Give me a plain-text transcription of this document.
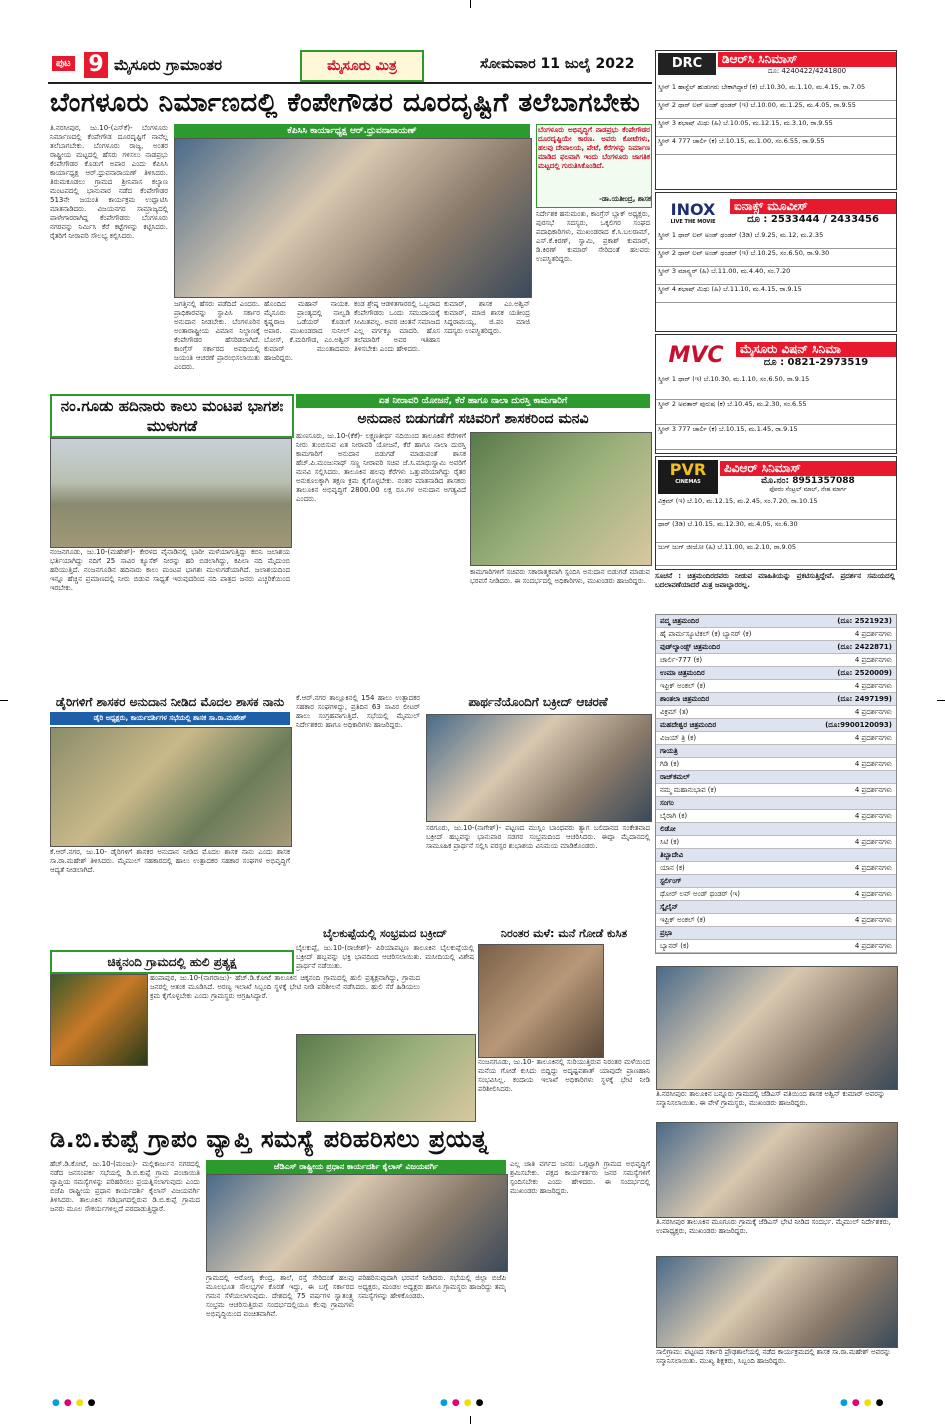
ಪುಟ 9 ಮೈಸೂರು ಗ್ರಾಮಾಂತರ	ಮೈಸೂರು ಮಿತ್ರ	ಸೋಮವಾರ 11 ಜುಲೈ 2022
ಬೆಂಗಳೂರು ನಿರ್ಮಾಣದಲ್ಲಿ ಕೆಂಪೇಗೌಡರ ದೂರದೃಷ್ಟಿಗೆ ತಲೆಬಾಗಬೇಕು
ತಿ.ನರಸೀಪುರ, ಜು.10-(ಎಸ್‌ಕೆ)- ಬೆಂಗಳೂರು ನಿರ್ಮಾಣದಲ್ಲಿ ಕೆಂಪೇಗೌಡ ದೂರದೃಷ್ಟಿಗೆ ನಾವೆಲ್ಲ ತಲೆಬಾಗಬೇಕು. ಬೆಂಗಳೂರು ರಾಜ್ಯ, ಅಂತರ ರಾಷ್ಟ್ರೀಯ ಮಟ್ಟದಲ್ಲಿ ಹೆಸರು ಗಳಿಸಲು ನಾಡಪ್ರಭು ಕೆಂಪೇಗೌಡರ ಕೊಡುಗೆ ಅಪಾರ ಎಂದು ಕೆಪಿಸಿಸಿ ಕಾರ್ಯಾಧ್ಯಕ್ಷ ಆರ್.ಧ್ರುವನಾರಾಯಣ್ ತಿಳಿಸಿದರು. ತಿರುಮಕೂಡಲು ಗ್ರಾಮದ ಶ್ರೀನಿವಾಸ ಕಲ್ಯಾಣ ಮಂಟಪದಲ್ಲಿ ಭಾನುವಾರ ನಡೆದ ಕೆಂಪೇಗೌಡರ 513ನೇ ಜಯಂತಿ ಕಾರ್ಯಕ್ರಮ ಉದ್ಘಾಟಿಸಿ ಮಾತನಾಡಿದರು. ವಿಜಯನಗರ ಸಾಮ್ರಾಜ್ಯದಲ್ಲಿ ಪಾಳೇಗಾರರಾಗಿದ್ದ ಕೆಂಪೇಗೌಡರು ಬೆಂಗಳೂರು ನಗರವನ್ನು ನಿರ್ಮಿಸಿ ಕೆರೆ ಕಟ್ಟೆಗಳನ್ನು ಕಟ್ಟಿಸಿದರು. ರೈತರಿಗೆ ನೀರಾವರಿ ಸೌಲಭ್ಯ ಕಲ್ಪಿಸಿದರು.
ಕೆಪಿಸಿಸಿ ಕಾರ್ಯಾಧ್ಯಕ್ಷ ಆರ್.ಧ್ರುವನಾರಾಯಣ್
ಜಗತ್ತಿನಲ್ಲಿ ಹೆಸರು ಪಡೆದಿದೆ ಎಂದರು. ಪ್ರಾಧಿಕಾರವನ್ನು ಸ್ಥಾಪಿಸಿ ಸರ್ಕಾರ ಅನುದಾನ ನೀಡಬೇಕು. ಬೆಂಗಳೂರಿನ ಅಂತಾರಾಷ್ಟ್ರೀಯ ವಿಮಾನ ನಿಲ್ದಾಣಕ್ಕೆ ಕೆಂಪೇಗೌಡರ ಹೆಸರಿಡಲಾಗಿದೆ. ಕಾಂಗ್ರೆಸ್ ಸರ್ಕಾರದ ಅವಧಿಯಲ್ಲಿ ಜಯಂತಿ ಆಚರಣೆ ಪ್ರಾರಂಭಿಸಲಾಯಿತು ಎಂದರು.
ಹೊಂದಿದ ಮಹಾನ್ ನಾಯಕ. ಮೈಸೂರು ಪ್ರಾಂತ್ಯದಲ್ಲಿ ನಾಲ್ವಡಿ ಕೃಷ್ಣರಾಜ ಒಡೆಯರ್ ಕೊಡುಗೆ ಅಪಾರ. ಮುಖಂಡರಾದ ಸುನೀಲ್ ಬೋಸ್, ಕೆ.ಮರಿಗೌಡ, ಎಂ.ಅಶ್ವಿನ್ ಕುಮಾರ್ ಮುಂತಾದವರು ಹಾಜರಿದ್ದರು.
ಕಂಡ ಶ್ರೇಷ್ಠ ಆಡಳಿತಗಾರರಲ್ಲಿ ಒಬ್ಬರಾದ ಕೆಂಪೇಗೌಡರು ಒಂದು ಸಮುದಾಯಕ್ಕೆ ಸೀಮಿತವಲ್ಲ. ಅವರ ಚಿಂತನೆ ಸಮಾಜದ ಎಲ್ಲ ವರ್ಗಕ್ಕೂ ಮಾದರಿ. ಹೊಸ ತಲೆಮಾರಿಗೆ ಅವರ ಇತಿಹಾಸ ತಿಳಿಸಬೇಕು ಎಂದು ಹೇಳಿದರು.
ಕುಮಾರ್, ಶಾಸಕ ಎಂ.ಅಶ್ವಿನ್ ಕುಮಾರ್, ಮಾಜಿ ಶಾಸಕ ಯತೀಂದ್ರ ಸಿದ್ದರಾಮಯ್ಯ, ಜಿ.ಪಂ ಮಾಜಿ ಸದಸ್ಯರು ಉಪಸ್ಥಿತರಿದ್ದರು.
ಬೆಂಗಳೂರು ಅಭಿವೃದ್ಧಿಗೆ ನಾಡಪ್ರಭು ಕೆಂಪೇಗೌಡರ ದೂರದೃಷ್ಟಿಯೇ ಕಾರಣ. ಅವರು ಕೋಟೆಗಳು, ಹಲವು ದೇವಾಲಯ, ಪೇಟೆ, ಕೆರೆಗಳನ್ನು ನಿರ್ಮಾಣ ಮಾಡಿದ ಫಲವಾಗಿ ಇಂದು ಬೆಂಗಳೂರು ಜಾಗತಿಕ ಮಟ್ಟದಲ್ಲಿ ಗುರುತಿಸಿಕೊಂಡಿದೆ.
-ಡಾ.ಯತೀಂದ್ರ, ಶಾಸಕ
ನಿರ್ದೇಶಕ ಹನುಮಂತು, ಕಾಂಗ್ರೆಸ್ ಬ್ಲಾಕ್ ಅಧ್ಯಕ್ಷರು, ಪುರಸಭೆ ಸದಸ್ಯರು, ಒಕ್ಕಲಿಗರ ಸಂಘದ ಪದಾಧಿಕಾರಿಗಳು, ಮುಖಂಡರಾದ ಕೆ.ಸಿ.ಬಲರಾಮ್, ಎಸ್.ಕೆ.ಕಿರಣ್, ಸ್ವಾಮಿ, ಪ್ರಕಾಶ್ ಕುಮಾರ್, ಡಿ.ಕಿರಣ್ ಕುಮಾರ್ ಸೇರಿದಂತೆ ಹಲವರು ಉಪಸ್ಥಿತರಿದ್ದರು.
ನಂ.ಗೂಡು ಹದಿನಾರು ಕಾಲು ಮಂಟಪ ಭಾಗಶಃ ಮುಳುಗಡೆ
ನಂಜನಗೂಡು, ಜು.10-(ಮಹೇಶ್)- ಕೇರಳದ ವೈನಾಡಿನಲ್ಲಿ ಭಾರೀ ಮಳೆಯಾಗುತ್ತಿದ್ದು ಕಬಿನಿ ಜಲಾಶಯ ಭರ್ತಿಯಾಗಿದ್ದು ನದಿಗೆ 25 ಸಾವಿರ ಕ್ಯೂಸೆಕ್ ನೀರನ್ನು ಹರಿ ಬಿಡಲಾಗಿದ್ದು, ಕಪಿಲಾ ನದಿ ಮೈದುಂಬಿ ಹರಿಯುತ್ತಿದೆ. ನಂಜನಗೂಡಿನ ಹದಿನಾರು ಕಾಲು ಮಂಟಪ ಭಾಗಶಃ ಮುಳುಗಡೆಯಾಗಿದೆ. ಜಲಾಶಯದಿಂದ ಇನ್ನೂ ಹೆಚ್ಚಿನ ಪ್ರಮಾಣದಲ್ಲಿ ನೀರು ಬಿಡುವ ಸಾಧ್ಯತೆ ಇರುವುದರಿಂದ ನದಿ ಪಾತ್ರದ ಜನರು ಎಚ್ಚರಿಕೆಯಿಂದ ಇರಬೇಕು.
ಏತ ನೀರಾವರಿ ಯೋಜನೆ, ಕೆರೆ ಹಾಗೂ ನಾಲಾ ದುರಸ್ತಿ ಕಾಮಗಾರಿಗೆ
ಅನುದಾನ ಬಿಡುಗಡೆಗೆ ಸಚಿವರಿಗೆ ಶಾಸಕರಿಂದ ಮನವಿ
ಹುಣಸೂರು, ಜು.10-(ಕೆಕೆ)- ಲಕ್ಷ್ಮಣತೀರ್ಥ ನದಿಯಿಂದ ತಾಲೂಕಿನ ಕೆರೆಗಳಿಗೆ ನೀರು ತುಂಬಿಸುವ ಏತ ನೀರಾವರಿ ಯೋಜನೆ, ಕೆರೆ ಹಾಗೂ ನಾಲಾ ದುರಸ್ತಿ ಕಾಮಗಾರಿಗೆ ಅನುದಾನ ಬಿಡುಗಡೆ ಮಾಡುವಂತೆ ಶಾಸಕ ಹೆಚ್.ಪಿ.ಮಂಜುನಾಥ್ ಸಣ್ಣ ನೀರಾವರಿ ಸಚಿವ ಜೆ.ಸಿ.ಮಾಧುಸ್ವಾಮಿ ಅವರಿಗೆ ಮನವಿ ಸಲ್ಲಿಸಿದರು. ತಾಲೂಕಿನ ಹಲವು ಕೆರೆಗಳು ಒತ್ತುವರಿಯಾಗಿದ್ದು ರೈತರ ಅನುಕೂಲಕ್ಕಾಗಿ ತಕ್ಷಣ ಕ್ರಮ ಕೈಗೊಳ್ಳಬೇಕು. ನಂತರ ಮಾತನಾಡಿದ ಶಾಸಕರು ತಾಲೂಕಿನ ಅಭಿವೃದ್ಧಿಗೆ 2800.00 ಲಕ್ಷ ರೂ.ಗಳ ಅನುದಾನ ಅಗತ್ಯವಿದೆ ಎಂದರು.
ಕಾಮಗಾರಿಗಳಿಗೆ ಸಚಿವರು ಸಕಾರಾತ್ಮಕವಾಗಿ ಸ್ಪಂದಿಸಿ ಅನುದಾನ ಬಿಡುಗಡೆ ಮಾಡುವ ಭರವಸೆ ನೀಡಿದರು. ಈ ಸಂದರ್ಭದಲ್ಲಿ ಅಧಿಕಾರಿಗಳು, ಮುಖಂಡರು ಹಾಜರಿದ್ದರು.
ಡೈರಿಗಳಿಗೆ ಶಾಸಕರ ಅನುದಾನ ನೀಡಿದ ಮೊದಲ ಶಾಸಕ ನಾನು
ಡೈರಿ ಅಧ್ಯಕ್ಷರು, ಕಾರ್ಯದರ್ಶಿಗಳ ಸಭೆಯಲ್ಲಿ ಶಾಸಕ ಸಾ.ರಾ.ಮಹೇಶ್
ಕೆ.ಆರ್.ನಗರ, ಜು.10- ಡೈರಿಗಳಿಗೆ ಶಾಸಕರ ಅನುದಾನ ನೀಡಿದ ಮೊದಲ ಶಾಸಕ ನಾನು ಎಂದು ಶಾಸಕ ಸಾ.ರಾ.ಮಹೇಶ್ ತಿಳಿಸಿದರು. ಮೈಮುಲ್ ಸಹಕಾರದಲ್ಲಿ ಹಾಲು ಉತ್ಪಾದಕರ ಸಹಕಾರ ಸಂಘಗಳ ಅಭಿವೃದ್ಧಿಗೆ ಆದ್ಯತೆ ನೀಡಲಾಗಿದೆ.
ಕೆ.ಆರ್.ನಗರ ತಾಲ್ಲೂಕಿನಲ್ಲಿ 154 ಹಾಲು ಉತ್ಪಾದಕರ ಸಹಕಾರ ಸಂಘಗಳಿದ್ದು, ಪ್ರತಿದಿನ 63 ಸಾವಿರ ಲೀಟರ್ ಹಾಲು ಸಂಗ್ರಹವಾಗುತ್ತಿದೆ. ಸಭೆಯಲ್ಲಿ ಮೈಮುಲ್ ನಿರ್ದೇಶಕರು ಹಾಗೂ ಅಧಿಕಾರಿಗಳು ಹಾಜರಿದ್ದರು.
ಚಿಕ್ಕನಂದಿ ಗ್ರಾಮದಲ್ಲಿ ಹುಲಿ ಪ್ರತ್ಯಕ್ಷ
ಹಂಪಾಪುರ, ಜು.10-(ನಾಗರಾಜು)- ಹೆಚ್.ಡಿ.ಕೋಟೆ ತಾಲೂಕಿನ ಚಿಕ್ಕನಂದಿ ಗ್ರಾಮದಲ್ಲಿ ಹುಲಿ ಪ್ರತ್ಯಕ್ಷವಾಗಿದ್ದು, ಗ್ರಾಮದ ಜನರಲ್ಲಿ ಆತಂಕ ಮೂಡಿಸಿದೆ. ಅರಣ್ಯ ಇಲಾಖೆ ಸಿಬ್ಬಂದಿ ಸ್ಥಳಕ್ಕೆ ಭೇಟಿ ನೀಡಿ ಪರಿಶೀಲನೆ ನಡೆಸಿದರು. ಹುಲಿ ಸೆರೆ ಹಿಡಿಯಲು ಕ್ರಮ ಕೈಗೊಳ್ಳಬೇಕು ಎಂದು ಗ್ರಾಮಸ್ಥರು ಆಗ್ರಹಿಸಿದ್ದಾರೆ.
ಪಾರ್ಥನೆಯೊಂದಿಗೆ ಬಕ್ರೀದ್ ಆಚರಣೆ
ಸರಗೂರು, ಜು.10-(ನಾಗೇಶ್)- ಪಟ್ಟಣದ ಮುಸ್ಲಿಂ ಬಾಂಧವರು ತ್ಯಾಗ ಬಲಿದಾನದ ಸಂಕೇತವಾದ ಬಕ್ರೀದ್ ಹಬ್ಬವನ್ನು ಭಾನುವಾರ ಸಡಗರ ಸಂಭ್ರಮದಿಂದ ಆಚರಿಸಿದರು. ಈದ್ಗಾ ಮೈದಾನದಲ್ಲಿ ಸಾಮೂಹಿಕ ಪ್ರಾರ್ಥನೆ ಸಲ್ಲಿಸಿ ಪರಸ್ಪರ ಶುಭಾಶಯ ವಿನಿಮಯ ಮಾಡಿಕೊಂಡರು.
ಬೈಲಕುಪ್ಪೆಯಲ್ಲಿ ಸಂಭ್ರಮದ ಬಕ್ರೀದ್
ಬೈಲಕುಪ್ಪೆ, ಜು.10-(ರಾಜೇಶ್)- ಪಿರಿಯಾಪಟ್ಟಣ ತಾಲೂಕಿನ ಬೈಲಕುಪ್ಪೆಯಲ್ಲಿ ಬಕ್ರೀದ್ ಹಬ್ಬವನ್ನು ಭಕ್ತಿ ಭಾವದಿಂದ ಆಚರಿಸಲಾಯಿತು. ಮಸೀದಿಯಲ್ಲಿ ವಿಶೇಷ ಪ್ರಾರ್ಥನೆ ನಡೆಯಿತು.
ನಿರಂತರ ಮಳೆ: ಮನೆ ಗೋಡೆ ಕುಸಿತ
ನಂಜನಗೂಡು, ಜು.10- ತಾಲೂಕಿನಲ್ಲಿ ಸುರಿಯುತ್ತಿರುವ ನಿರಂತರ ಮಳೆಯಿಂದ ಮನೆಯ ಗೋಡೆ ಕುಸಿದು ಬಿದ್ದಿದ್ದು ಅದೃಷ್ಟವಶಾತ್ ಯಾವುದೇ ಪ್ರಾಣಹಾನಿ ಸಂಭವಿಸಿಲ್ಲ. ಕಂದಾಯ ಇಲಾಖೆ ಅಧಿಕಾರಿಗಳು ಸ್ಥಳಕ್ಕೆ ಭೇಟಿ ನೀಡಿ ಪರಿಶೀಲಿಸಿದರು.
ಡಿ.ಬಿ.ಕುಪ್ಪೆ ಗ್ರಾಪಂ ವ್ಯಾಪ್ತಿ ಸಮಸ್ಯೆ ಪರಿಹರಿಸಲು ಪ್ರಯತ್ನ
ಹೆಚ್.ಡಿ.ಕೋಟೆ, ಜು.10-(ಮಂಜು)- ಮಲ್ಲಿಕಾರ್ಜುನ ನಗರದಲ್ಲಿ ನಡೆದ ಜನಸಂಪರ್ಕ ಸಭೆಯಲ್ಲಿ ಡಿ.ಬಿ.ಕುಪ್ಪೆ ಗ್ರಾಮ ಪಂಚಾಯಿತಿ ವ್ಯಾಪ್ತಿಯ ಸಮಸ್ಯೆಗಳನ್ನು ಪರಿಹರಿಸಲು ಪ್ರಯತ್ನಿಸಲಾಗುವುದು ಎಂದು ಬಿಜೆಪಿ ರಾಷ್ಟ್ರೀಯ ಪ್ರಧಾನ ಕಾರ್ಯದರ್ಶಿ ಕೈಲಾಸ್ ವಿಜಯವರ್ಗಿ ತಿಳಿಸಿದರು. ತಾಲೂಕಿನ ಗಡಿಭಾಗದಲ್ಲಿರುವ ಡಿ.ಬಿ.ಕುಪ್ಪೆ ಗ್ರಾಮದ ಜನರು ಮೂಲ ಸೌಕರ್ಯಗಳಿಲ್ಲದೆ ಪರದಾಡುತ್ತಿದ್ದಾರೆ.
ಜೆಡಿಎಸ್ ರಾಷ್ಟ್ರೀಯ ಪ್ರಧಾನ ಕಾರ್ಯದರ್ಶಿ ಕೈಲಾಸ್ ವಿಜಯವರ್ಗಿ
ಗ್ರಾಮದಲ್ಲಿ ಆರೋಗ್ಯ ಕೇಂದ್ರ, ಶಾಲೆ, ರಸ್ತೆ ಸೇರಿದಂತೆ ಹಲವು ಮೂಲಭೂತ ಸೌಲಭ್ಯಗಳ ಕೊರತೆ ಇದ್ದು, ಈ ಬಗ್ಗೆ ಸರ್ಕಾರದ ಗಮನ ಸೆಳೆಯಲಾಗುವುದು. ದೇಶದಲ್ಲಿ 75 ವರ್ಷಗಳ ಸ್ವಾತಂತ್ರ್ಯ ಸಂಭ್ರಮ ಆಚರಿಸುತ್ತಿರುವ ಸಂದರ್ಭದಲ್ಲಿಯೂ ಕೆಲವು ಗ್ರಾಮಗಳು ಅಭಿವೃದ್ಧಿಯಿಂದ ವಂಚಿತವಾಗಿವೆ.
ಪರಿಹರಿಸುವುದಾಗಿ ಭರವಸೆ ನೀಡಿದರು. ಸಭೆಯಲ್ಲಿ ಜಿಲ್ಲಾ ಬಿಜೆಪಿ ಅಧ್ಯಕ್ಷರು, ಮಂಡಲ ಅಧ್ಯಕ್ಷರು ಹಾಗೂ ಗ್ರಾಮಸ್ಥರು ಹಾಜರಿದ್ದು ತಮ್ಮ ಸಮಸ್ಯೆಗಳನ್ನು ಹೇಳಿಕೊಂಡರು.
ಎಲ್ಲ ಜಾತಿ ವರ್ಗದ ಜನರು ಒಗ್ಗಟ್ಟಾಗಿ ಗ್ರಾಮದ ಅಭಿವೃದ್ಧಿಗೆ ಶ್ರಮಿಸಬೇಕು. ಪಕ್ಷದ ಕಾರ್ಯಕರ್ತರು ಜನರ ಸಮಸ್ಯೆಗಳಿಗೆ ಸ್ಪಂದಿಸಬೇಕು ಎಂದು ಹೇಳಿದರು. ಈ ಸಂದರ್ಭದಲ್ಲಿ ಮುಖಂಡರು ಹಾಜರಿದ್ದರು.
DRC	ಡಿಆರ್‌ಸಿ ಸಿನಿಮಾಸ್
ದೂ: 4240422/4241800
ಸ್ಕ್ರೀನ್ 1 ಹಾಸ್ಟೆಲ್ ಹುಡುಗರು ಬೇಕಾಗಿದ್ದಾರೆ (ಕ) ಬೆ.10.30, ಮ.1.10, ಮ.4.15, ರಾ.7.05
ಸ್ಕ್ರೀನ್ 2 ಥಾರ್ ಲವ್ ಅಂಡ್ ಥಂಡರ್ (ಇ) ಬೆ.10.00, ಮ.1.25, ಮ.4.05, ರಾ.9.55
ಸ್ಕ್ರೀನ್ 3 ಶಭಾಷ್ ಮಿಥು (ಹಿ) ಬೆ.10.05, ಮ.12.15, ಮ.3.10, ರಾ.9.55
ಸ್ಕ್ರೀನ್ 4 777 ಚಾರ್ಲಿ (ಕ) ಬೆ.10.15, ಮ.1.00, ಸಂ.6.55, ರಾ.9.55
INOX
LIVE THE MOVIE
ಐನಾಕ್ಸ್ ಮೂವೀಸ್
ದೂ : 2533444 / 2433456
ಸ್ಕ್ರೀನ್ 1 ಥಾರ್ ಲವ್ ಅಂಡ್ ಥಂಡರ್ (3ಡಿ) ಬೆ.9.25, ಮ.12, ಮ.2.35
ಸ್ಕ್ರೀನ್ 2 ಥಾರ್ ಲವ್ ಅಂಡ್ ಥಂಡರ್ (ಇ) ಬೆ.10.25, ಸಂ.6.50, ರಾ.9.30
ಸ್ಕ್ರೀನ್ 3 ಮಾನ್ಸ್ಟರ್ (ಹಿ) ಬೆ.11.00, ಮ.4.40, ಸಂ.7.20
ಸ್ಕ್ರೀನ್ 4 ಶಭಾಷ್ ಮಿಥು (ಹಿ) ಬೆ.11.10, ಮ.4.15, ರಾ.9.15
MVC	ಮೈಸೂರು ವಿಷನ್ ಸಿನಿಮಾ
ದೂ : 0821-2973519
ಸ್ಕ್ರೀನ್ 1 ಥಾರ್ (ಇ) ಬೆ.10.30, ಮ.1.10, ಸಂ.6.50, ರಾ.9.15
ಸ್ಕ್ರೀನ್ 2 ಅವತಾರ್ ಪುರುಷ (ಕ) ಬೆ.10.45, ಮ.2.30, ಸಂ.6.55
ಸ್ಕ್ರೀನ್ 3 777 ಚಾರ್ಲಿ (ಕ) ಬೆ.10.15, ಮ.1.45, ರಾ.9.15
PVR
CINEMAS
ಪಿವಿಆರ್ ಸಿನಿಮಾಸ್
ಮೊ.ನಂ: 8951357088
ಫೋರಂ ಸೆಂಟ್ರಲ್ ಮಾಲ್, ನೇಹ ಮಾರ್ಗ
ವಿಕ್ರಮ್ (ಇ) ಬೆ.10, ಮ.12.15, ಮ.2.45, ಸಂ.7.20, ರಾ.10.15
ಥಾರ್ (3ಡಿ) ಬೆ.10.15, ಮ.12.30, ಮ.4.05, ಸಂ.6.30
ಜುಗ್ ಜುಗ್ ಜೀಯೋ (ಹಿ) ಬೆ.11.00, ಮ.2.10, ರಾ.9.05
ಸೂಚನೆ : ಚಿತ್ರಮಂದಿರದವರು ನೀಡುವ ಮಾಹಿತಿಯನ್ನು ಪ್ರಕಟಿಸುತ್ತಿದ್ದೇವೆ. ಪ್ರದರ್ಶನ ಸಮಯದಲ್ಲಿ ಬದಲಾವಣೆಯಾದರೆ ಮಿತ್ರ ಜವಾಬ್ದಾರರಲ್ಲ.
ಪದ್ಮ ಚಿತ್ರಮಂದಿರ	(ದೂ: 2521923)
ಹೈ ಪಾರ್ಮಸ್ಯೂಟಿಕಲ್ (ಕ) ಬ್ಯಾನರ್ (ಕ)	4 ಪ್ರದರ್ಶನಗಳು
ವುಡ್‌ಲ್ಯಾಂಡ್ಸ್ ಚಿತ್ರಮಂದಿರ	(ದೂ: 2422871)
ಚಾರ್ಲಿ-777 (ಕ)	4 ಪ್ರದರ್ಶನಗಳು
ಉಮಾ ಚಿತ್ರಮಂದಿರ	(ದೂ: 2520009)
ಇಫ್ರಿಕ್ ಅಂಕಲ್ (ಕ)	4 ಪ್ರದರ್ಶನಗಳು
ಶಾಂತಲಾ ಚಿತ್ರಮಂದಿರ	(ದೂ: 2497199)
ವಿಕ್ರಮ್ (ತ)	4 ಪ್ರದರ್ಶನಗಳು
ಮಹದೇಶ್ವರ ಚಿತ್ರಮಂದಿರ	(ದೂ:9900120093)
ವಿಜಯ್ ತ್ರಿ (ಕ)	4 ಪ್ರದರ್ಶನಗಳು
ಗಾಯತ್ರಿ
ಗಿಡಿ (ಕ)	4 ಪ್ರದರ್ಶನಗಳು
ರಾಜ್‌ಕಮಲ್
ನಮ್ಮ ಮಹಾನುಭಾವ (ಕ)	4 ಪ್ರದರ್ಶನಗಳು
ಸಂಗಂ
ಬೈರಾಗಿ (ಕ)	4 ಪ್ರದರ್ಶನಗಳು
ಲಿಡೋ
ಸಿಟಿ (ಕ)	4 ಪ್ರದರ್ಶನಗಳು
ತಿಬ್ಬಾದೇವಿ
ಯಾನ (ಕ)	4 ಪ್ರದರ್ಶನಗಳು
ಸ್ಟರ್ಲಿಂಗ್
ಥೋರ್ ಲವ್ ಅಂಡ್ ಥಂಡರ್ (ಇ)	4 ಪ್ರದರ್ಶನಗಳು
ಸ್ಕೈಲೈನ್
ಇಫ್ರಿಕ್ ಅಂಕಲ್ (ಕ)	4 ಪ್ರದರ್ಶನಗಳು
ಪ್ರಭಾ
ಬ್ಯಾನರ್ (ಕ)	4 ಪ್ರದರ್ಶನಗಳು
ತಿ.ನರಸೀಪುರ: ತಾಲೂಕಿನ ಬನ್ನೂರು ಗ್ರಾಮದಲ್ಲಿ ಜೆಡಿಎಸ್ ವತಿಯಿಂದ ಶಾಸಕ ಅಶ್ವಿನ್ ಕುಮಾರ್ ಅವರನ್ನು ಸನ್ಮಾನಿಸಲಾಯಿತು. ಈ ವೇಳೆ ಗ್ರಾಮಸ್ಥರು, ಮುಖಂಡರು ಹಾಜರಿದ್ದರು.
ತಿ.ನರಸೀಪುರ ತಾಲೂಕಿನ ಮೂಗೂರು ಗ್ರಾಮಕ್ಕೆ ಜೆಡಿಎಸ್ ಭೇಟಿ ನೀಡಿದ ಸಂದರ್ಭ. ಮೈಮುಲ್ ನಿರ್ದೇಶಕರು, ಉಪಾಧ್ಯಕ್ಷರು, ಮುಖಂಡರು ಹಾಜರಿದ್ದರು.
ಸಾಲಿಗ್ರಾಮ: ಪಟ್ಟಣದ ಸರ್ಕಾರಿ ಪ್ರೌಢಶಾಲೆಯಲ್ಲಿ ನಡೆದ ಕಾರ್ಯಕ್ರಮದಲ್ಲಿ ಶಾಸಕ ಸಾ.ರಾ.ಮಹೇಶ್ ಅವರನ್ನು ಸನ್ಮಾನಿಸಲಾಯಿತು. ಮುಖ್ಯ ಶಿಕ್ಷಕರು, ಸಿಬ್ಬಂದಿ ಹಾಜರಿದ್ದರು.
●●●●	●●●●	●●●●
